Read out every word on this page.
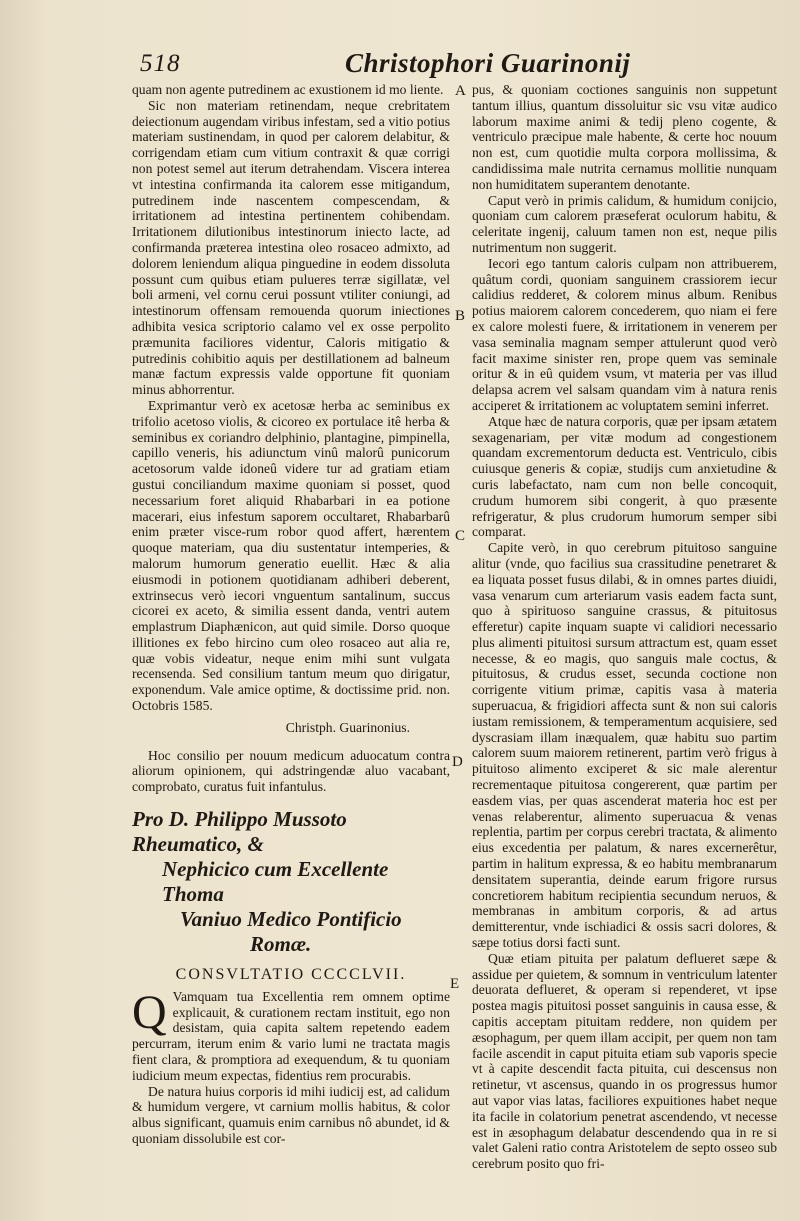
518	Christophori Guarinonij
A
B
C
D
E

quam non agente putredinem ac exustionem id mo liente.

Sic non materiam retinendam, neque crebritatem deiectionum augendam viribus infestam, sed a vitio potius materiam sustinendam, in quod per calorem delabitur, & corrigendam etiam cum vitium contraxit & quæ corrigi non potest semel aut iterum detrahendam. Viscera interea vt intestina confirmanda ita calorem esse mitigandum, putredinem inde nascentem compescendam, & irritationem ad intestina pertinentem cohibendam. Irritationem dilutionibus intestinorum iniecto lacte, ad confirmanda præterea intestina oleo rosaceo admixto, ad dolorem leniendum aliqua pinguedine in eodem dissoluta possunt cum quibus etiam pulueres terræ sigillatæ, vel boli armeni, vel cornu cerui possunt vtiliter coniungi, ad intestinorum offensam remouenda quorum iniectiones adhibita vesica scriptorio calamo vel ex osse perpolito præmunita faciliores videntur, Caloris mitigatio & putredinis cohibitio aquis per destillationem ad balneum manæ factum expressis valde opportune fit quoniam minus abhorrentur.

Exprimantur verò ex acetosæ herba ac seminibus ex trifolio acetoso violis, & cicoreo ex portulace itê herba & seminibus ex coriandro delphinio, plantagine, pimpinella, capillo veneris, his adiunctum vinû malorû punicorum acetosorum valde idoneû videre tur ad gratiam etiam gustui conciliandum maxime quoniam si posset, quod necessarium foret aliquid Rhabarbari in ea potione macerari, eius infestum saporem occultaret, Rhabarbarû enim præter visce-rum robor quod affert, hærentem quoque materiam, qua diu sustentatur intemperies, & malorum humorum generatio euellit. Hæc & alia eiusmodi in potionem quotidianam adhiberi deberent, extrinsecus verò iecori vnguentum santalinum, succus cicorei ex aceto, & similia essent danda, ventri autem emplastrum Diaphænicon, aut quid simile. Dorso quoque illitiones ex febo hircino cum oleo rosaceo aut alia re, quæ vobis videatur, neque enim mihi sunt vulgata recensenda. Sed consilium tantum meum quo dirigatur, exponendum. Vale amice optime, & doctissime prid. non. Octobris 1585.

Christph. Guarinonius.

Hoc consilio per nouum medicum aduocatum contra aliorum opinionem, qui adstringendæ aluo vacabant, comprobato, curatus fuit infantulus.

Pro D. Philippo Mussoto Rheumatico, &
Nephicico cum Excellente Thoma
Vaniuo Medico Pontificio
Romæ.
CONSVLTATIO CCCCLVII.

Q Vamquam tua Excellentia rem omnem optime explicauit, & curationem rectam instituit, ego non desistam, quia capita saltem repetendo eadem percurram, iterum enim & vario lumi ne tractata magis fient clara, & promptiora ad exequendum, & tu quoniam iudicium meum expectas, fidentius rem procurabis.

De natura huius corporis id mihi iudicij est, ad calidum & humidum vergere, vt carnium mollis habitus, & color albus significant, quamuis enim carnibus nô abundet, id & quoniam dissolubile est cor-

pus, & quoniam coctiones sanguinis non suppetunt tantum illius, quantum dissoluitur sic vsu vitæ audico laborum maxime animi & tedij pleno cogente, & ventriculo præcipue male habente, & certe hoc nouum non est, cum quotidie multa corpora mollissima, & candidissima male nutrita cernamus mollitie nunquam non humiditatem superantem denotante.

Caput verò in primis calidum, & humidum conijcio, quoniam cum calorem præseferat oculorum habitu, & celeritate ingenij, caluum tamen non est, neque pilis nutrimentum non suggerit.

Iecori ego tantum caloris culpam non attribuerem, quâtum cordi, quoniam sanguinem crassiorem iecur calidius redderet, & colorem minus album. Renibus potius maiorem calorem concederem, quo niam ei fere ex calore molesti fuere, & irritationem in venerem per vasa seminalia magnam semper attulerunt quod verò facit maxime sinister ren, propе quem vas seminale oritur & in eû quidem vsum, vt materia per vas illud delapsa acrem vel salsam quandam vim à natura renis acciperet & irritationem ac voluptatem semini inferret.

Atque hæc de natura corporis, quæ per ipsam ætatem sexagenariam, per vitæ modum ad congestionem quandam excrementorum deducta est. Ventriculo, cibis cuiusque generis & copiæ, studijs cum anxietudine & curis labefactato, nam cum non belle concoquit, crudum humorem sibi congerit, à quo præsente refrigeratur, & plus crudorum humorum semper sibi comparat.

Capite verò, in quo cerebrum pituitoso sanguine alitur (vnde, quo facilius sua crassitudine penetraret & ea liquata posset fusus dilabi, & in omnes partes diuidi, vasa venarum cum arteriarum vasis eadem facta sunt, quo à spirituoso sanguine crassus, & pituitosus efferetur) capite inquam suapte vi calidiori necessario plus alimenti pituitosi sursum attractum est, quam esset necesse, & eo magis, quo sanguis male coctus, & pituitosus, & crudus esset, secunda coctione non corrigente vitium primæ, capitis vasa à materia superuacua, & frigidiori affecta sunt & non sui caloris iustam remissionem, & temperamentum acquisiere, sed dyscrasiam illam inæqualem, quæ habitu suo partim calorem suum maiorem retinerent, partim verò frigus à pituitoso alimento exciperet & sic male alerentur recrementaque pituitosa congererent, quæ partim per easdem vias, per quas ascenderat materia hoc est per venas relaberentur, alimento superuacua & venas replentia, partim per corpus cerebri tractata, & alimento eius excedentia per palatum, & nares excernerêtur, partim in halitum expressa, & eo habitu membranarum densitatem superantia, deinde earum frigore rursus concretiorem habitum recipientia secundum neruos, & membranas in ambitum corporis, & ad artus demitterentur, vnde ischiadici & ossis sacri dolores, & sæpe totius dorsi facti sunt.

Quæ etiam pituita per palatum deflueret sæpe & assidue per quietem, & somnum in ventriculum latenter deuorata deflueret, & operam si rependeret, vt ipse postea magis pituitosi posset sanguinis in causa esse, & capitis acceptam pituitam redderе, non quidem per æsophagum, per quem illam accipit, per quem non tam facile ascendit in caput pituita etiam sub vaporis specie vt à capite descendit facta pituita, cui descensus non retinetur, vt ascensus, quando in os progressus humor aut vapor vias latas, faciliores expuitiones habet neque ita facile in colatorium penetrat ascendendo, vt necesse est in æsophagum delabatur descendendo qua in re si valet Galeni ratio contra Aristotelem de septo osseo sub cerebrum posito quo fri-
